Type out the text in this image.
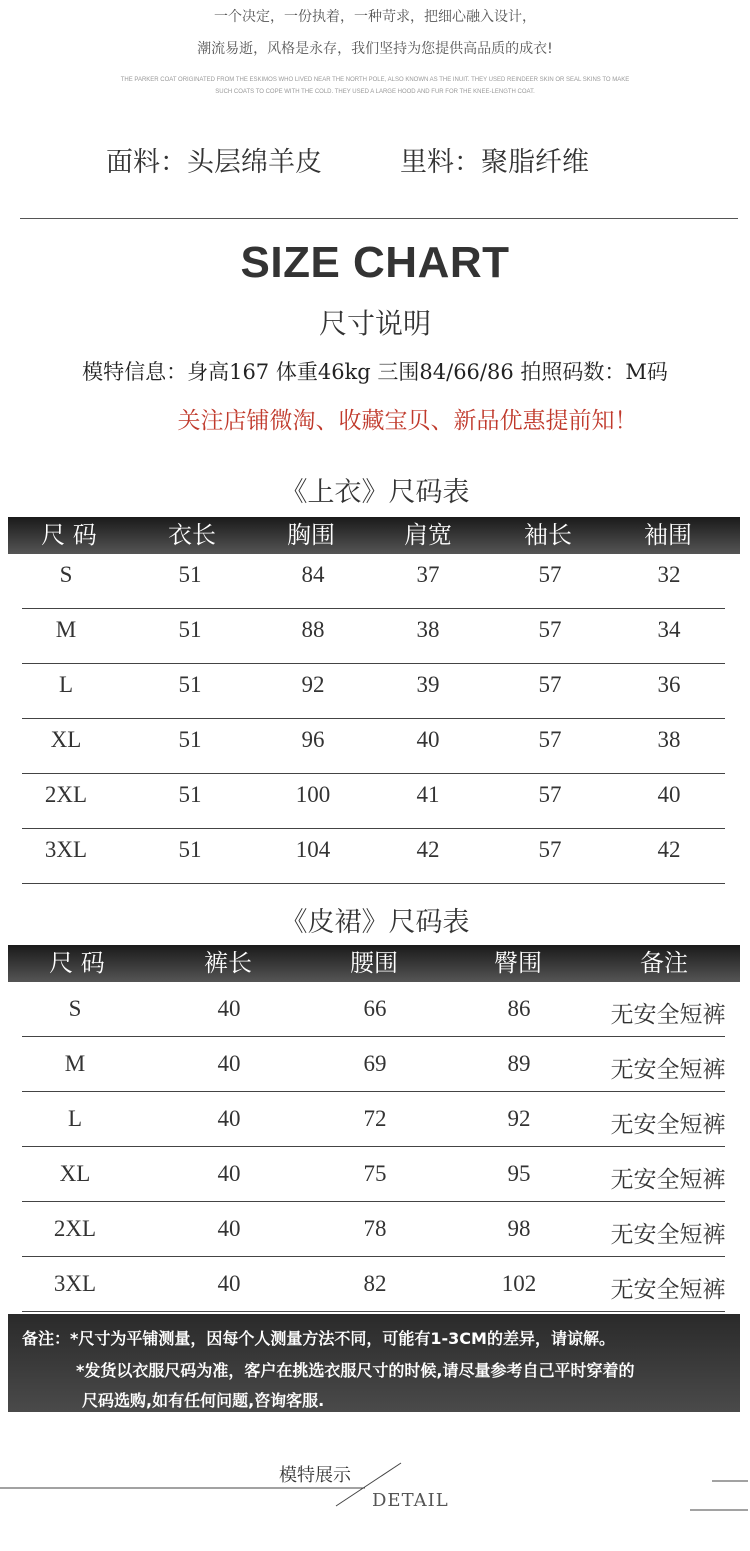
一个决定，一份执着，一种苛求，把细心融入设计，
潮流易逝，风格是永存，我们坚持为您提供高品质的成衣!
THE PARKER COAT ORIGINATED FROM THE ESKIMOS WHO LIVED NEAR THE NORTH POLE, ALSO KNOWN AS THE INUIT. THEY USED REINDEER SKIN OR SEAL SKINS TO MAKE SUCH COATS TO COPE WITH THE COLD. THEY USED A LARGE HOOD AND FUR FOR THE KNEE-LENGTH COAT.
面料：头层绵羊皮	里料：聚脂纤维
SIZE CHART
尺寸说明
模特信息：身高167 体重46kg 三围84/66/86 拍照码数：M码
关注店铺微淘、收藏宝贝、新品优惠提前知！
《上衣》尺码表
尺 码	衣长	胸围	肩宽	袖长	袖围
S	51	84	37	57	32
M	51	88	38	57	34
L	51	92	39	57	36
XL	51	96	40	57	38
2XL	51	100	41	57	40
3XL	51	104	42	57	42
《皮裙》尺码表
尺 码	裤长	腰围	臀围	备注
S	40	66	86	无安全短裤
M	40	69	89	无安全短裤
L	40	72	92	无安全短裤
XL	40	75	95	无安全短裤
2XL	40	78	98	无安全短裤
3XL	40	82	102	无安全短裤
备注：*尺寸为平铺测量，因每个人测量方法不同，可能有1-3CM的差异，请谅解。
*发货以衣服尺码为准，客户在挑选衣服尺寸的时候,请尽量参考自己平时穿着的
尺码选购,如有任何问题,咨询客服.
模特展示
DETAIL
